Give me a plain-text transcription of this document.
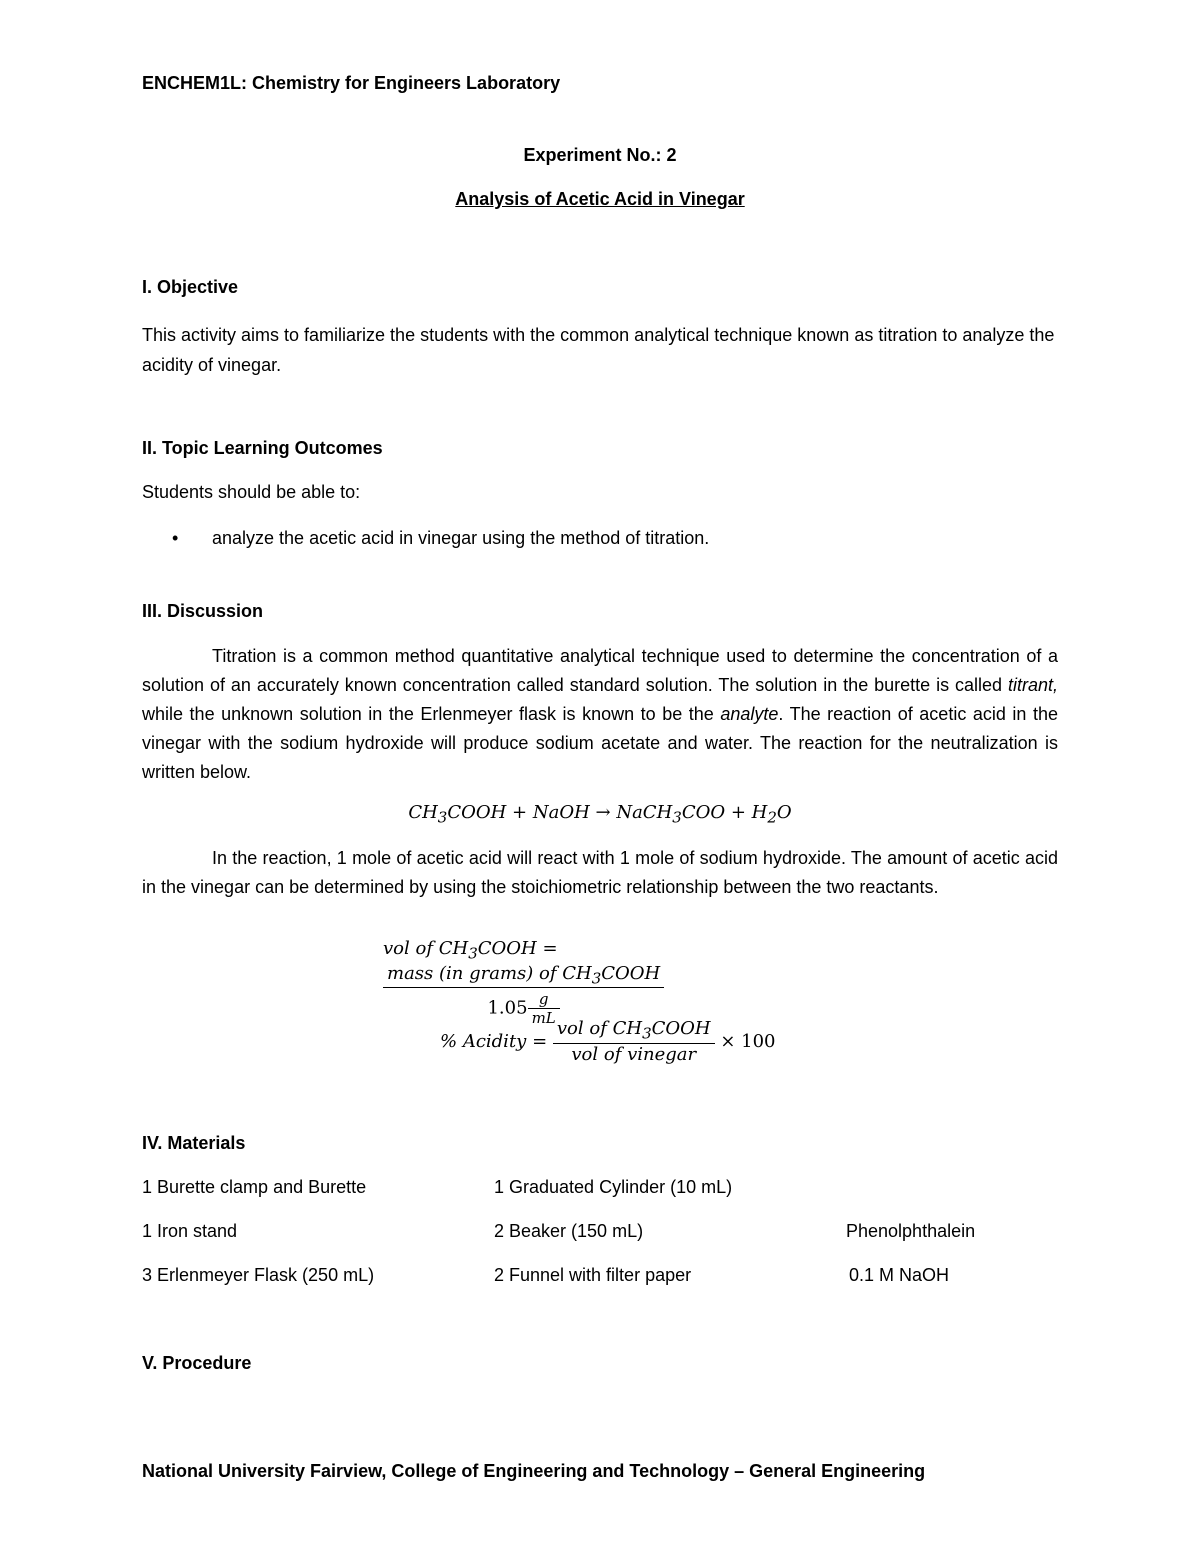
ENCHEM1L: Chemistry for Engineers Laboratory
Experiment No.: 2
Analysis of Acetic Acid in Vinegar
I. Objective
This activity aims to familiarize the students with the common analytical technique known as titration to analyze the acidity of vinegar.
II. Topic Learning Outcomes
Students should be able to:
• analyze the acetic acid in vinegar using the method of titration.
III. Discussion
Titration is a common method quantitative analytical technique used to determine the concentration of a solution of an accurately known concentration called standard solution. The solution in the burette is called titrant, while the unknown solution in the Erlenmeyer flask is known to be the analyte. The reaction of acetic acid in the vinegar with the sodium hydroxide will produce sodium acetate and water. The reaction for the neutralization is written below.
$CH_3COOH$ + NaOH → NaCH$_3$COO + $H_2O$
In the reaction, 1 mole of acetic acid will react with 1 mole of sodium hydroxide. The amount of acetic acid in the vinegar can be determined by using the stoichiometric relationship between the two reactants.
vol of $CH_3COOH$ =
$\frac{mass (in grams) of CH_3COOH}{1.05 \frac{g}{mL}}$
% Acidity = $\frac{vol of CH_3COOH}{\text{vol of vinegar}} \times 100$
IV. Materials
1 Burette clamp and Burette	1 Graduated Cylinder (10 mL)
1 Iron stand	2 Beaker (150 mL)	Phenolphthalein
3 Erlenmeyer Flask (250 mL)	2 Funnel with filter paper	0.1 M NaOH
V. Procedure
National University Fairview, College of Engineering and Technology – General Engineering
